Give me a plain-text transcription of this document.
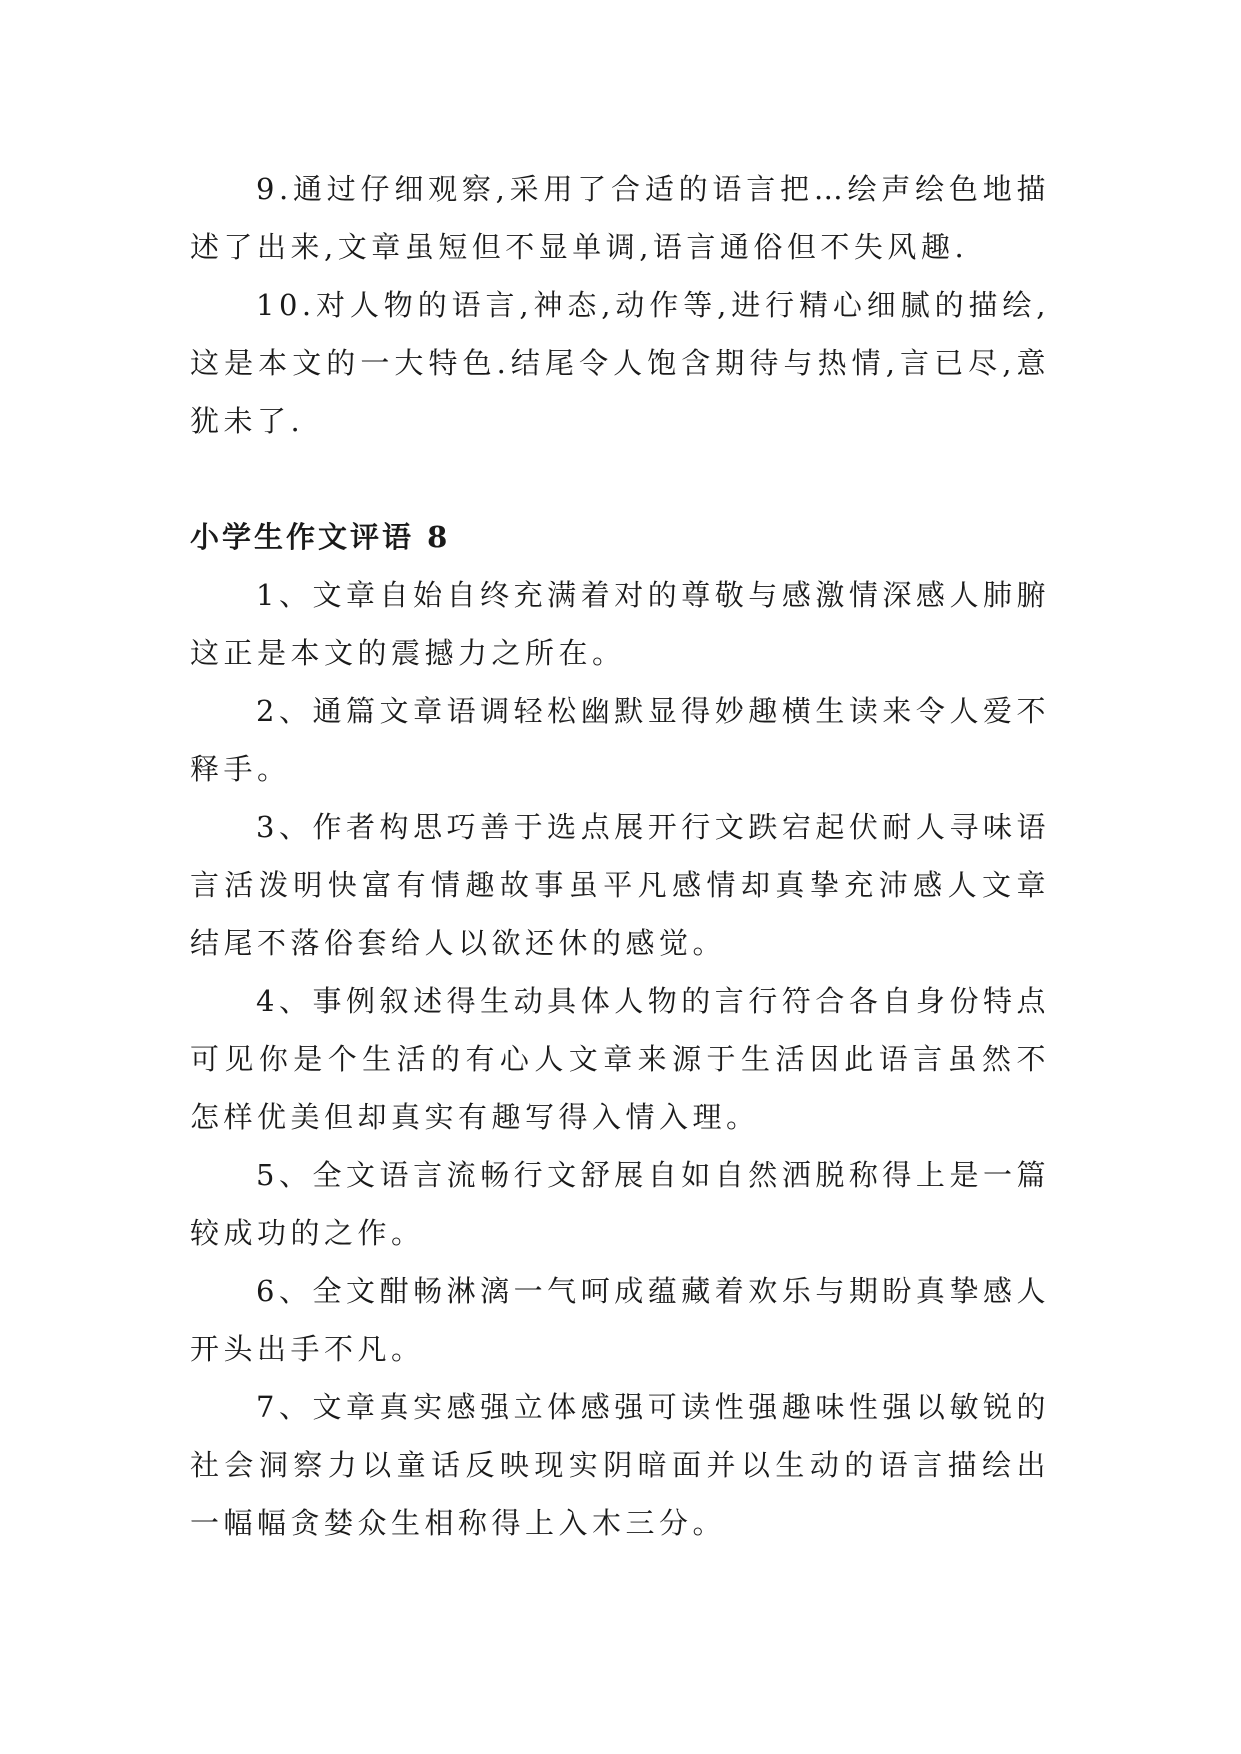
9.通过仔细观察,采用了合适的语言把…绘声绘色地描述了出来,文章虽短但不显单调,语言通俗但不失风趣.

10.对人物的语言,神态,动作等,进行精心细腻的描绘,这是本文的一大特色.结尾令人饱含期待与热情,言已尽,意犹未了.

小学生作文评语 8

1、文章自始自终充满着对的尊敬与感激情深感人肺腑这正是本文的震撼力之所在。

2、通篇文章语调轻松幽默显得妙趣横生读来令人爱不释手。

3、作者构思巧善于选点展开行文跌宕起伏耐人寻味语言活泼明快富有情趣故事虽平凡感情却真挚充沛感人文章结尾不落俗套给人以欲还休的感觉。

4、事例叙述得生动具体人物的言行符合各自身份特点可见你是个生活的有心人文章来源于生活因此语言虽然不怎样优美但却真实有趣写得入情入理。

5、全文语言流畅行文舒展自如自然洒脱称得上是一篇较成功的之作。

6、全文酣畅淋漓一气呵成蕴藏着欢乐与期盼真挚感人开头出手不凡。

7、文章真实感强立体感强可读性强趣味性强以敏锐的社会洞察力以童话反映现实阴暗面并以生动的语言描绘出一幅幅贪婪众生相称得上入木三分。
